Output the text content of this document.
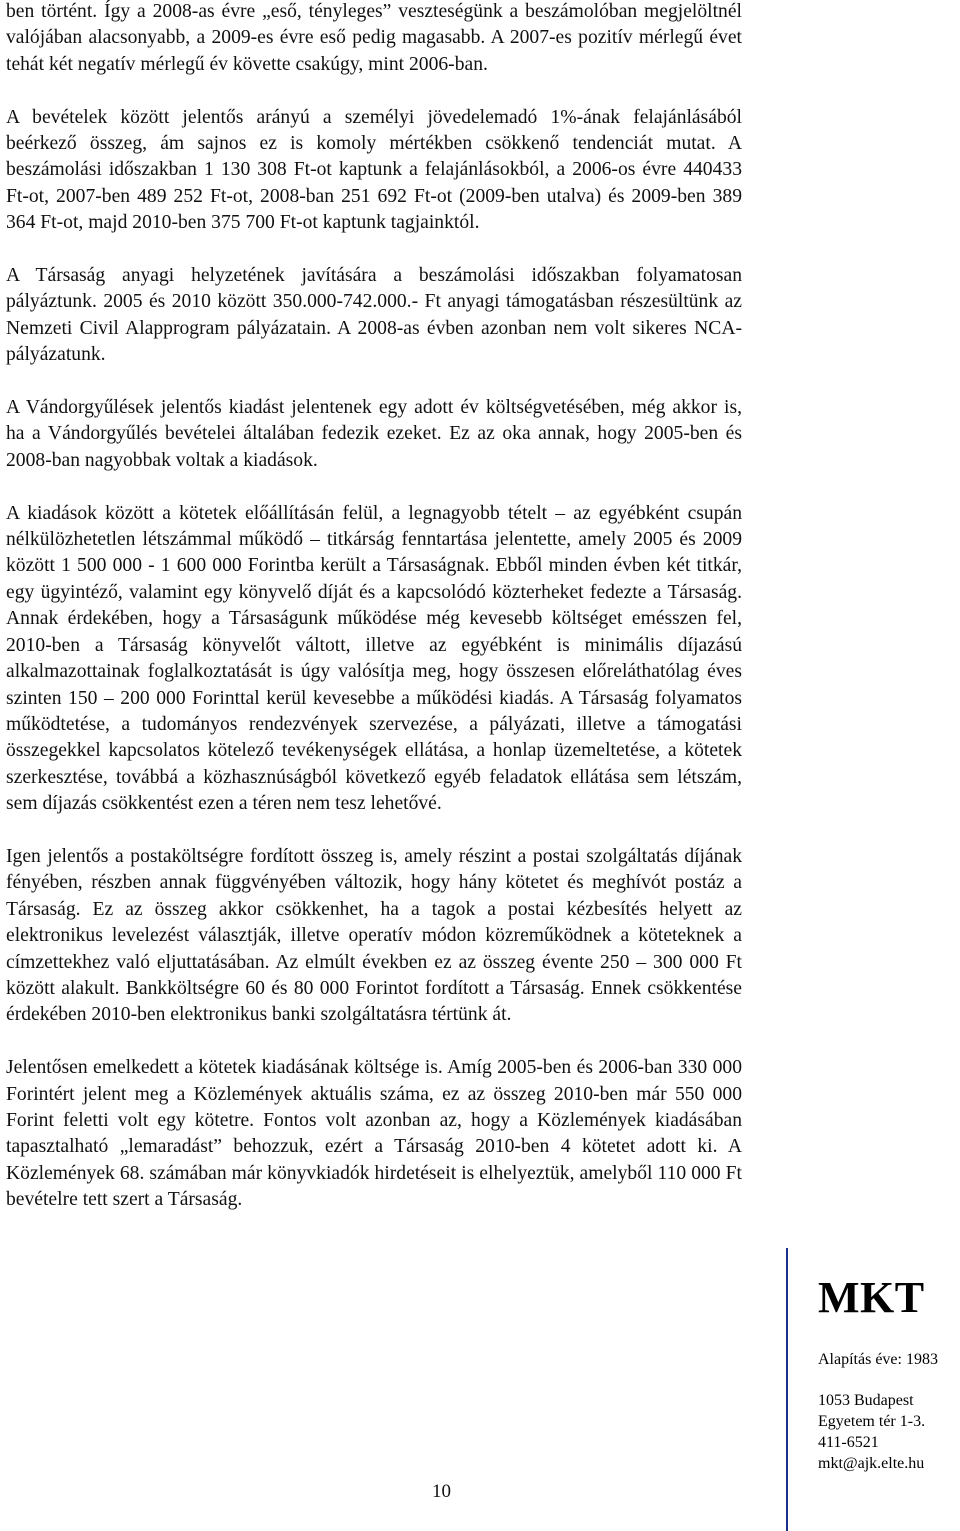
ben történt. Így a 2008-as évre „eső, tényleges” veszteségünk a beszámolóban megjelöltnél valójában alacsonyabb, a 2009-es évre eső pedig magasabb. A 2007-es pozitív mérlegű évet tehát két negatív mérlegű év követte csakúgy, mint 2006-ban.

A bevételek között jelentős arányú a személyi jövedelemadó 1%-ának felajánlásából beérkező összeg, ám sajnos ez is komoly mértékben csökkenő tendenciát mutat. A beszámolási időszakban 1 130 308 Ft-ot kaptunk a felajánlásokból, a 2006-os évre 440433 Ft-ot, 2007-ben 489 252 Ft-ot, 2008-ban 251 692 Ft-ot (2009-ben utalva) és 2009-ben 389 364 Ft-ot, majd 2010-ben 375 700 Ft-ot kaptunk tagjainktól.

A Társaság anyagi helyzetének javítására a beszámolási időszakban folyamatosan pályáztunk. 2005 és 2010 között 350.000-742.000.- Ft anyagi támogatásban részesültünk az Nemzeti Civil Alapprogram pályázatain. A 2008-as évben azonban nem volt sikeres NCA-pályázatunk.

A Vándorgyűlések jelentős kiadást jelentenek egy adott év költségvetésében, még akkor is, ha a Vándorgyűlés bevételei általában fedezik ezeket. Ez az oka annak, hogy 2005-ben és 2008-ban nagyobbak voltak a kiadások.

A kiadások között a kötetek előállításán felül, a legnagyobb tételt – az egyébként csupán nélkülözhetetlen létszámmal működő – titkárság fenntartása jelentette, amely 2005 és 2009 között 1 500 000 - 1 600 000 Forintba került a Társaságnak. Ebből minden évben két titkár, egy ügyintéző, valamint egy könyvelő díját és a kapcsolódó közterheket fedezte a Társaság. Annak érdekében, hogy a Társaságunk működése még kevesebb költséget emésszen fel, 2010-ben a Társaság könyvelőt váltott, illetve az egyébként is minimális díjazású alkalmazottainak foglalkoztatását is úgy valósítja meg, hogy összesen előreláthatólag éves szinten 150 – 200 000 Forinttal kerül kevesebbe a működési kiadás. A Társaság folyamatos működtetése, a tudományos rendezvények szervezése, a pályázati, illetve a támogatási összegekkel kapcsolatos kötelező tevékenységek ellátása, a honlap üzemeltetése, a kötetek szerkesztése, továbbá a közhasznúságból következő egyéb feladatok ellátása sem létszám, sem díjazás csökkentést ezen a téren nem tesz lehetővé.

Igen jelentős a postaköltségre fordított összeg is, amely részint a postai szolgáltatás díjának fényében, részben annak függvényében változik, hogy hány kötetet és meghívót postáz a Társaság. Ez az összeg akkor csökkenhet, ha a tagok a postai kézbesítés helyett az elektronikus levelezést választják, illetve operatív módon közreműködnek a köteteknek a címzettekhez való eljuttatásában. Az elmúlt években ez az összeg évente 250 – 300 000 Ft között alakult. Bankköltségre 60 és 80 000 Forintot fordított a Társaság. Ennek csökkentése érdekében 2010-ben elektronikus banki szolgáltatásra tértünk át.

Jelentősen emelkedett a kötetek kiadásának költsége is. Amíg 2005-ben és 2006-ban 330 000 Forintért jelent meg a Közlemények aktuális száma, ez az összeg 2010-ben már 550 000 Forint feletti volt egy kötetre. Fontos volt azonban az, hogy a Közlemények kiadásában tapasztalható „lemaradást” behozzuk, ezért a Társaság 2010-ben 4 kötetet adott ki. A Közlemények 68. számában már könyvkiadók hirdetéseit is elhelyeztük, amelyből 110 000 Ft bevételre tett szert a Társaság.

MKT
Alapítás éve: 1983
1053 Budapest
Egyetem tér 1-3.
411-6521
mkt@ajk.elte.hu
10
